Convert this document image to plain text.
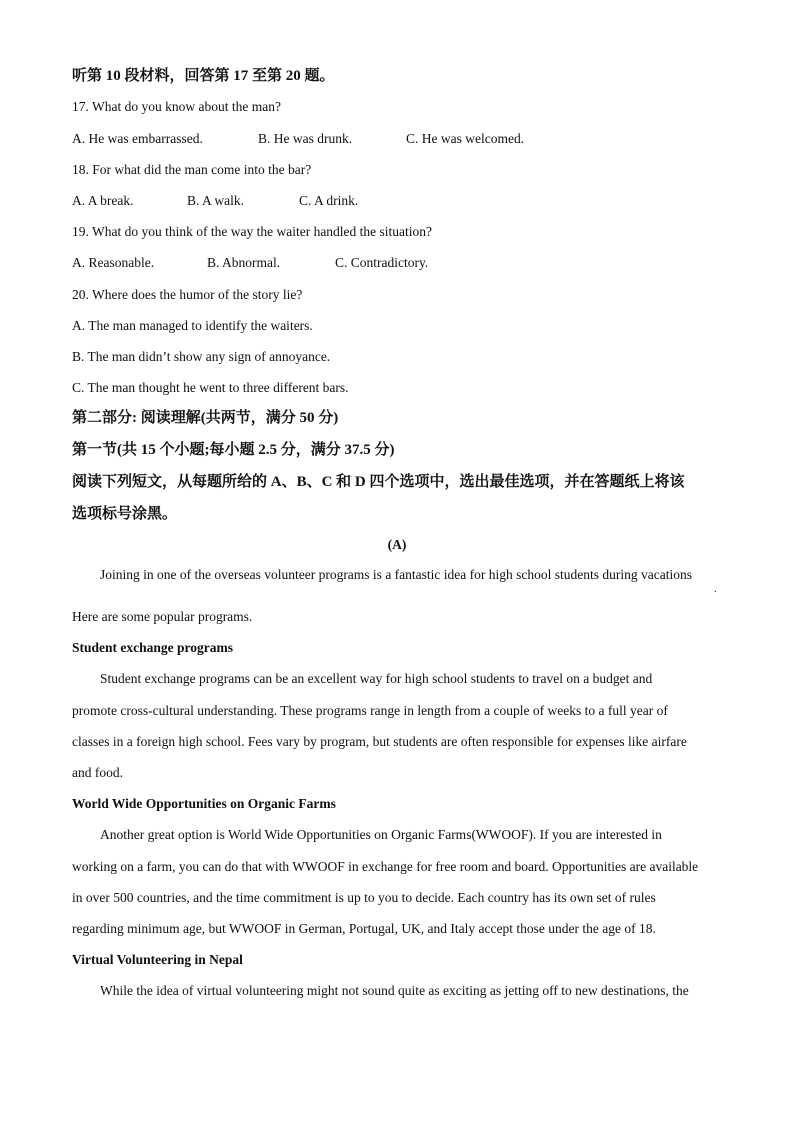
听第 10 段材料，回答第 17 至第 20 题。
17. What do you know about the man?
A. He was embarrassed.	B. He was drunk.	C. He was welcomed.
18. For what did the man come into the bar?
A. A break.	B. A walk.	C. A drink.
19. What do you think of the way the waiter handled the situation?
A. Reasonable.	B. Abnormal.	C. Contradictory.
20. Where does the humor of the story lie?
A. The man managed to identify the waiters.
B. The man didn’t show any sign of annoyance.
C. The man thought he went to three different bars.
第二部分: 阅读理解(共两节，满分 50 分)
第一节(共 15 个小题;每小题 2.5 分，满分 37.5 分)
阅读下列短文，从每题所给的 A、B、C 和 D 四个选项中，选出最佳选项，并在答题纸上将该
选项标号涂黑。
(A)
Joining in one of the overseas volunteer programs is a fantastic idea for high school students during vacations
.
Here are some popular programs.
Student exchange programs
Student exchange programs can be an excellent way for high school students to travel on a budget and
promote cross-cultural understanding. These programs range in length from a couple of weeks to a full year of
classes in a foreign high school. Fees vary by program, but students are often responsible for expenses like airfare
and food.
World Wide Opportunities on Organic Farms
Another great option is World Wide Opportunities on Organic Farms(WWOOF). If you are interested in
working on a farm, you can do that with WWOOF in exchange for free room and board. Opportunities are available
in over 500 countries, and the time commitment is up to you to decide. Each country has its own set of rules
regarding minimum age, but WWOOF in German, Portugal, UK, and Italy accept those under the age of 18.
Virtual Volunteering in Nepal
While the idea of virtual volunteering might not sound quite as exciting as jetting off to new destinations, the
